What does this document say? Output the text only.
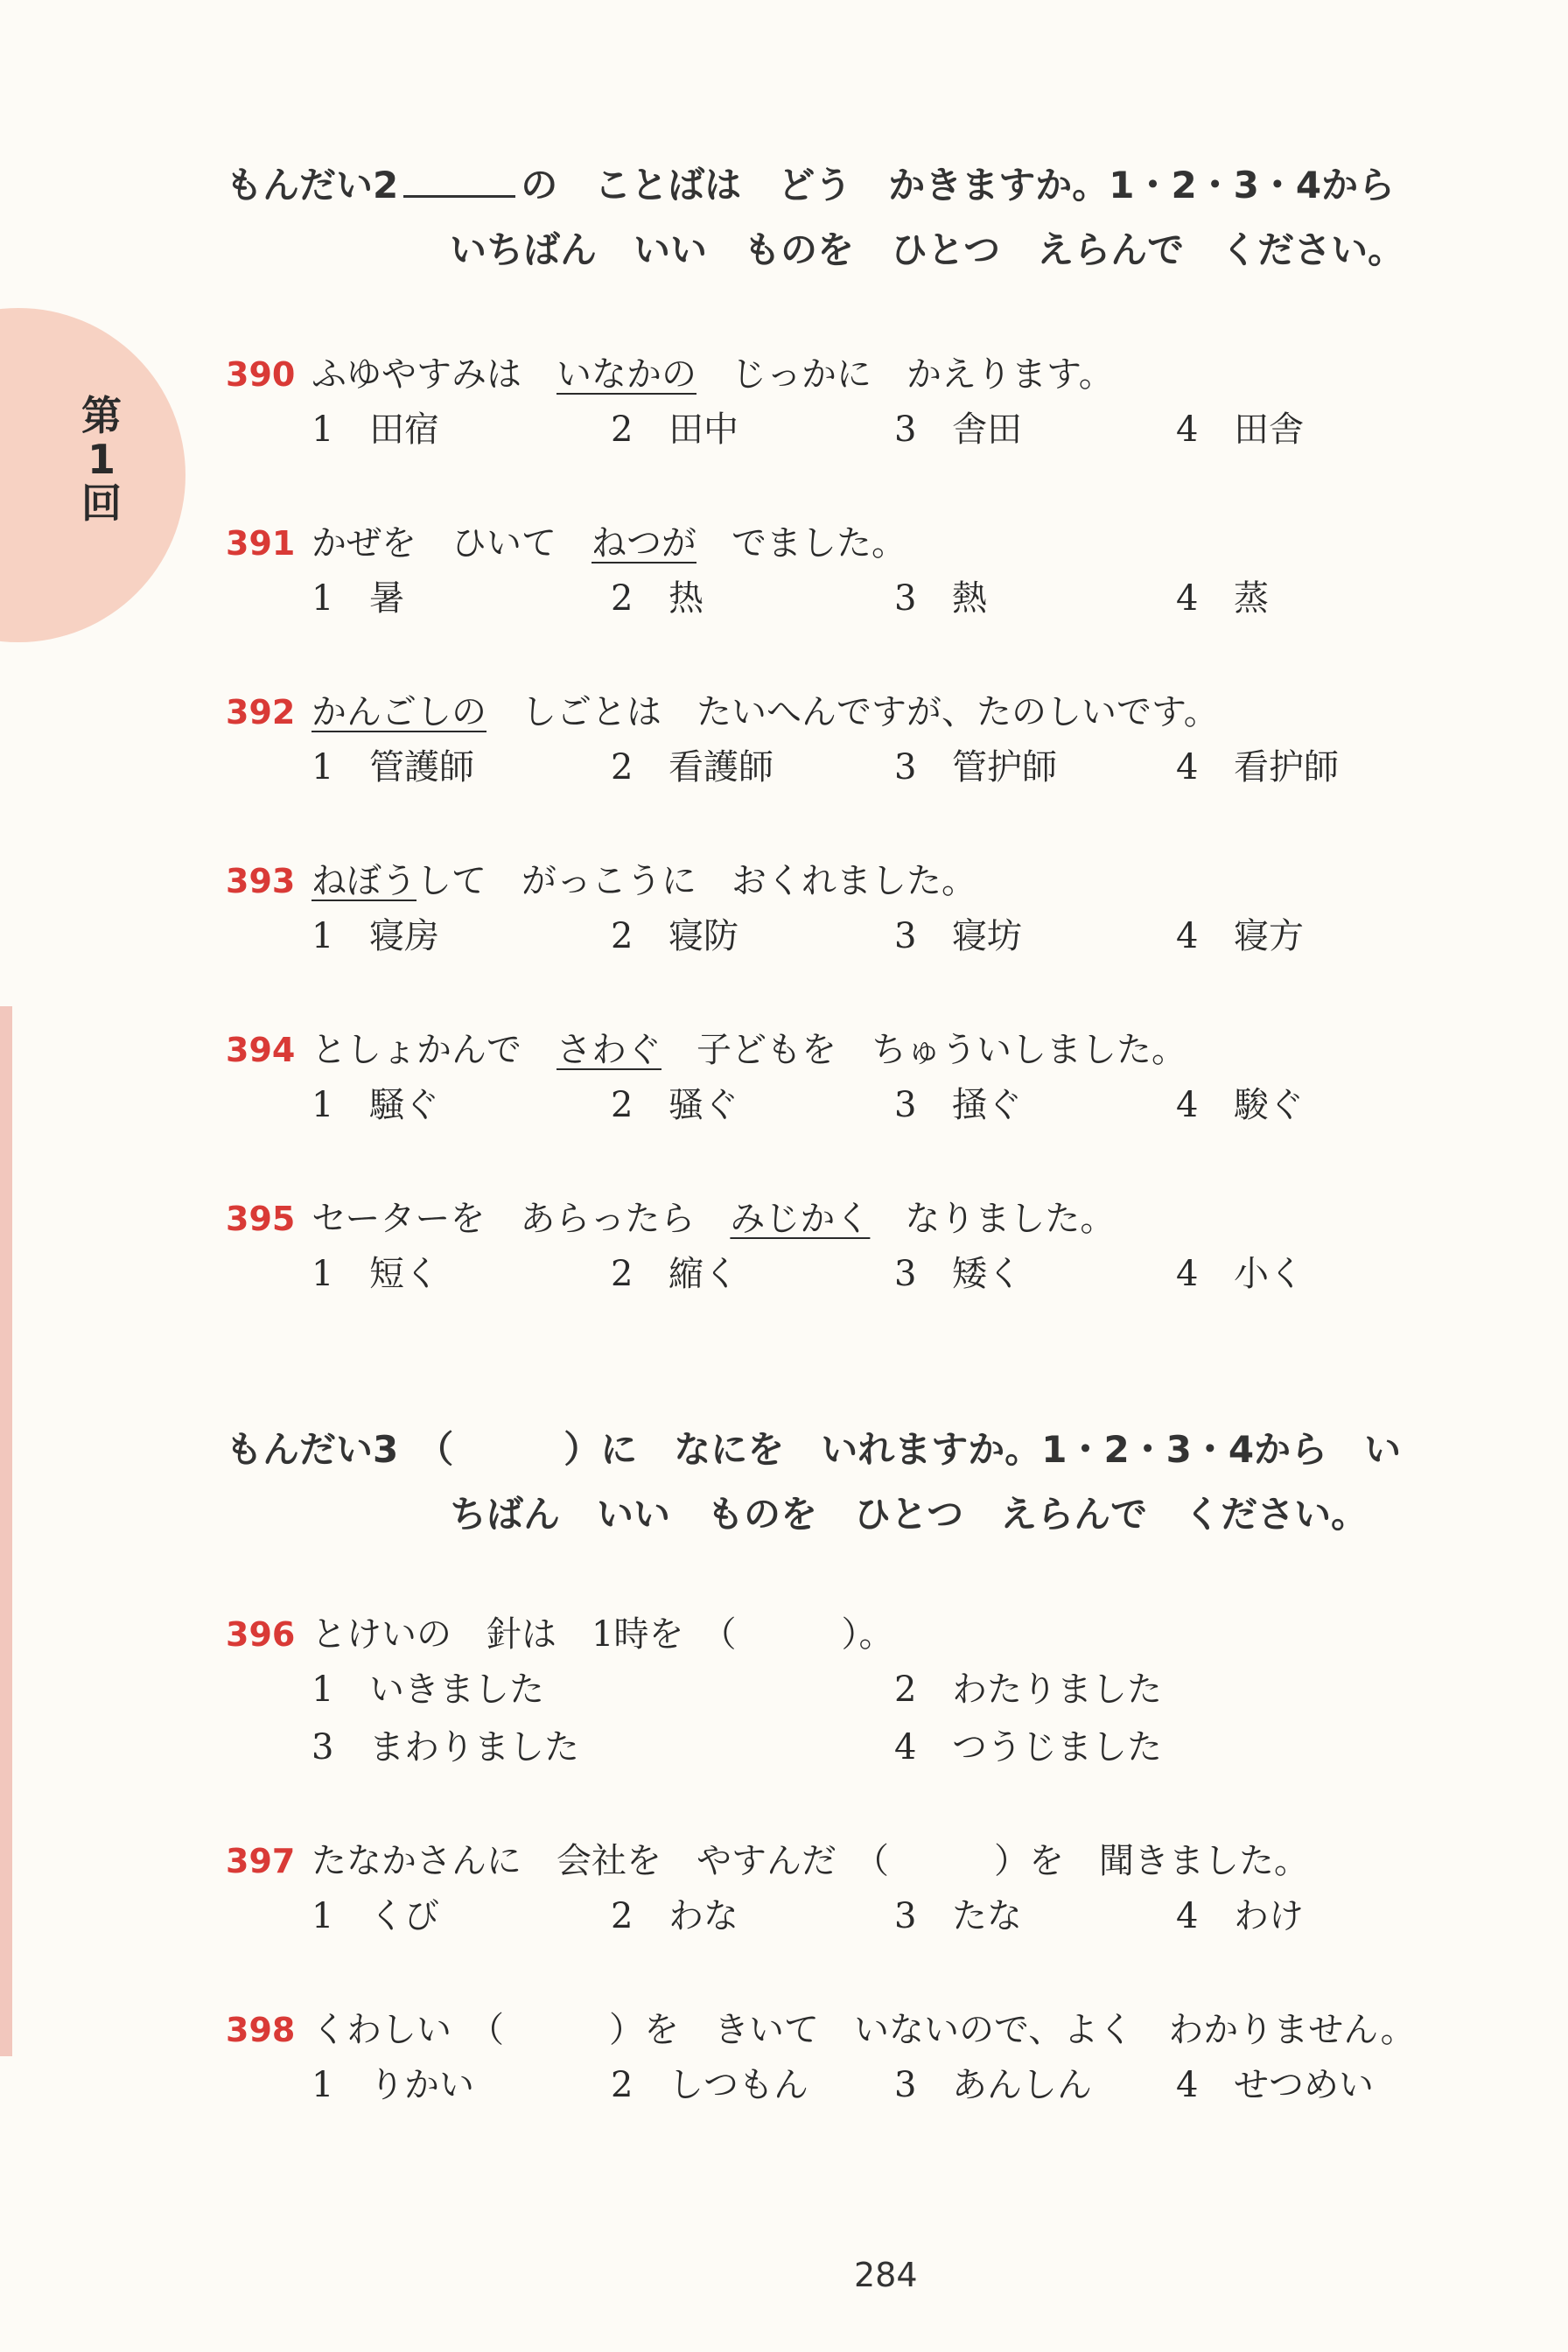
第
1
回
もんだい2	の　ことばは　どう　かきますか。1・2・3・4から
いちばん　いい　ものを　ひとつ　えらんで　ください。
390 ふゆやすみは　いなかの　じっかに　かえります。
1 田宿	2 田中	3 舎田	4 田舎
391 かぜを　ひいて　ねつが　でました。
1 暑	2 热	3 熱	4 蒸
392 かんごしの　しごとは　たいへんですが、たのしいです。
1 管護師	2 看護師	3 管护師	4 看护師
393 ねぼうして　がっこうに　おくれました。
1 寝房	2 寝防	3 寝坊	4 寝方
394 としょかんで　さわぐ　子どもを　ちゅういしました。
1 騒ぐ	2 骚ぐ	3 掻ぐ	4 駿ぐ
395 セーターを　あらったら　みじかく　なりました。
1 短く	2 縮く	3 矮く	4 小く
もんだい3　（　　　）に　なにを　いれますか。1・2・3・4から　い
ちばん　いい　ものを　ひとつ　えらんで　ください。
396 とけいの　針は　1時を　（　　　）。
1 いきました	2 わたりました
3 まわりました	4 つうじました
397 たなかさんに　会社を　やすんだ　（　　　）を　聞きました。
1 くび	2 わな	3 たな	4 わけ
398 くわしい　（　　　）を　きいて　いないので、よく　わかりません。
1 りかい	2 しつもん 3 あんしん 4 せつめい
284
